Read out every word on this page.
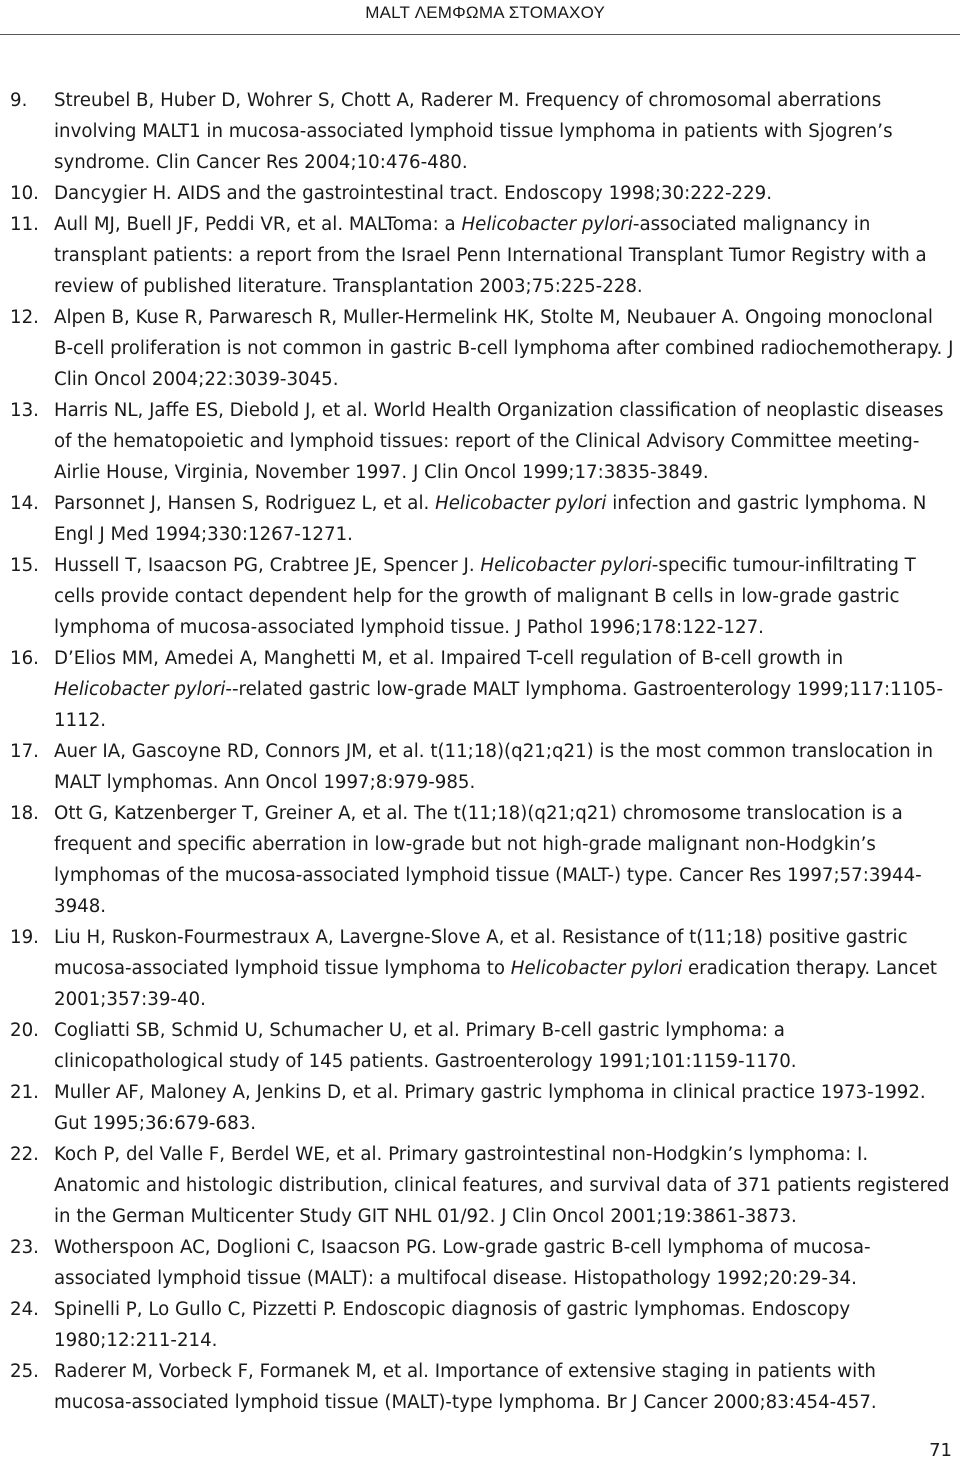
MALT ΛΕΜΦΩΜΑ ΣΤΟΜΑΧΟΥ
9.	Streubel B, Huber D, Wohrer S, Chott A, Raderer M. Frequency of chromosomal aberrations involving MALT1 in mucosa-associated lymphoid tissue lymphoma in patients with Sjogren’s syndrome. Clin Cancer Res 2004;10:476-480.
10. Dancygier H. AIDS and the gastrointestinal tract. Endoscopy 1998;30:222-229.
11. Aull MJ, Buell JF, Peddi VR, et al. MALToma: a Helicobacter pylori-associated malignancy in transplant patients: a report from the Israel Penn International Transplant Tumor Registry with a review of published literature. Transplantation 2003;75:225-228.
12. Alpen B, Kuse R, Parwaresch R, Muller-Hermelink HK, Stolte M, Neubauer A. Ongoing monoclonal B-cell proliferation is not common in gastric B-cell lymphoma after combined radiochemotherapy. J Clin Oncol 2004;22:3039-3045.
13. Harris NL, Jaffe ES, Diebold J, et al. World Health Organization classification of neoplastic diseases of the hematopoietic and lymphoid tissues: report of the Clinical Advisory Committee meeting-Airlie House, Virginia, November 1997. J Clin Oncol 1999;17:3835-3849.
14. Parsonnet J, Hansen S, Rodriguez L, et al. Helicobacter pylori infection and gastric lymphoma. N Engl J Med 1994;330:1267-1271.
15. Hussell T, Isaacson PG, Crabtree JE, Spencer J. Helicobacter pylori-specific tumour-infiltrating T cells provide contact dependent help for the growth of malignant B cells in low-grade gastric lymphoma of mucosa-associated lymphoid tissue. J Pathol 1996;178:122-127.
16. D’Elios MM, Amedei A, Manghetti M, et al. Impaired T-cell regulation of B-cell growth in Helicobacter pylori--related gastric low-grade MALT lymphoma. Gastroenterology 1999;117:1105-1112.
17. Auer IA, Gascoyne RD, Connors JM, et al. t(11;18)(q21;q21) is the most common translocation in MALT lymphomas. Ann Oncol 1997;8:979-985.
18. Ott G, Katzenberger T, Greiner A, et al. The t(11;18)(q21;q21) chromosome translocation is a frequent and specific aberration in low-grade but not high-grade malignant non-Hodgkin’s lymphomas of the mucosa-associated lymphoid tissue (MALT-) type. Cancer Res 1997;57:3944-3948.
19. Liu H, Ruskon-Fourmestraux A, Lavergne-Slove A, et al. Resistance of t(11;18) positive gastric mucosa-associated lymphoid tissue lymphoma to Helicobacter pylori eradication therapy. Lancet 2001;357:39-40.
20. Cogliatti SB, Schmid U, Schumacher U, et al. Primary B-cell gastric lymphoma: a clinicopathological study of 145 patients. Gastroenterology 1991;101:1159-1170.
21. Muller AF, Maloney A, Jenkins D, et al. Primary gastric lymphoma in clinical practice 1973-1992. Gut 1995;36:679-683.
22. Koch P, del Valle F, Berdel WE, et al. Primary gastrointestinal non-Hodgkin’s lymphoma: I. Anatomic and histologic distribution, clinical features, and survival data of 371 patients registered in the German Multicenter Study GIT NHL 01/92. J Clin Oncol 2001;19:3861-3873.
23. Wotherspoon AC, Doglioni C, Isaacson PG. Low-grade gastric B-cell lymphoma of mucosa-associated lymphoid tissue (MALT): a multifocal disease. Histopathology 1992;20:29-34.
24. Spinelli P, Lo Gullo C, Pizzetti P. Endoscopic diagnosis of gastric lymphomas. Endoscopy 1980;12:211-214.
25. Raderer M, Vorbeck F, Formanek M, et al. Importance of extensive staging in patients with mucosa-associated lymphoid tissue (MALT)-type lymphoma. Br J Cancer 2000;83:454-457.
71
